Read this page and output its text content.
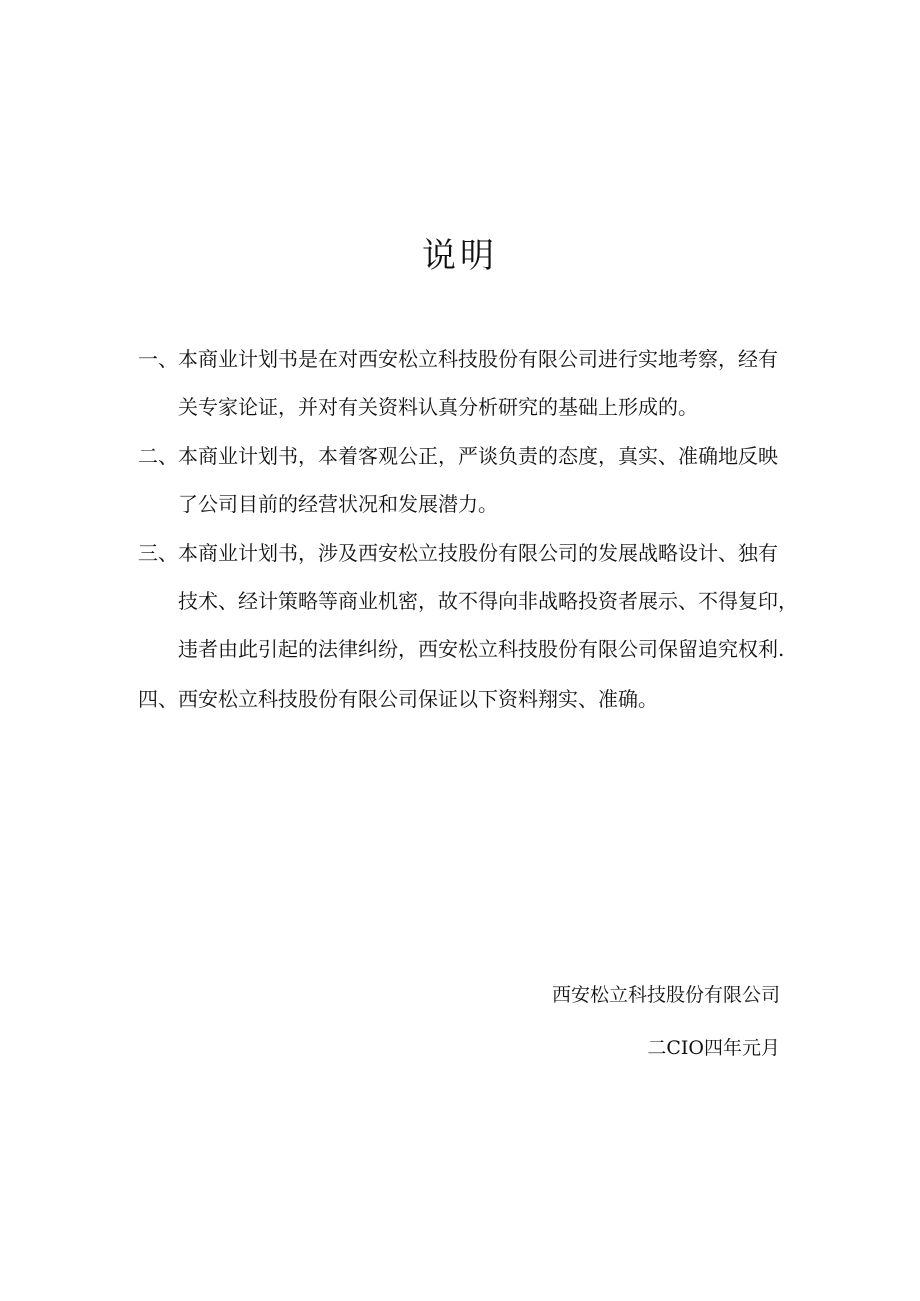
说明
一、本商业计划书是在对西安松立科技股份有限公司进行实地考察，经有
关专家论证，并对有关资料认真分析研究的基础上形成的。
二、本商业计划书，本着客观公正，严谈负责的态度，真实、准确地反映
了公司目前的经营状况和发展潜力。
三、本商业计划书，涉及西安松立技股份有限公司的发展战略设计、独有
技术、经计策略等商业机密，故不得向非战略投资者展示、不得复印，
违者由此引起的法律纠纷，西安松立科技股份有限公司保留追究权利.
四、西安松立科技股份有限公司保证以下资料翔实、准确。
西安松立科技股份有限公司
二CIO四年元月
